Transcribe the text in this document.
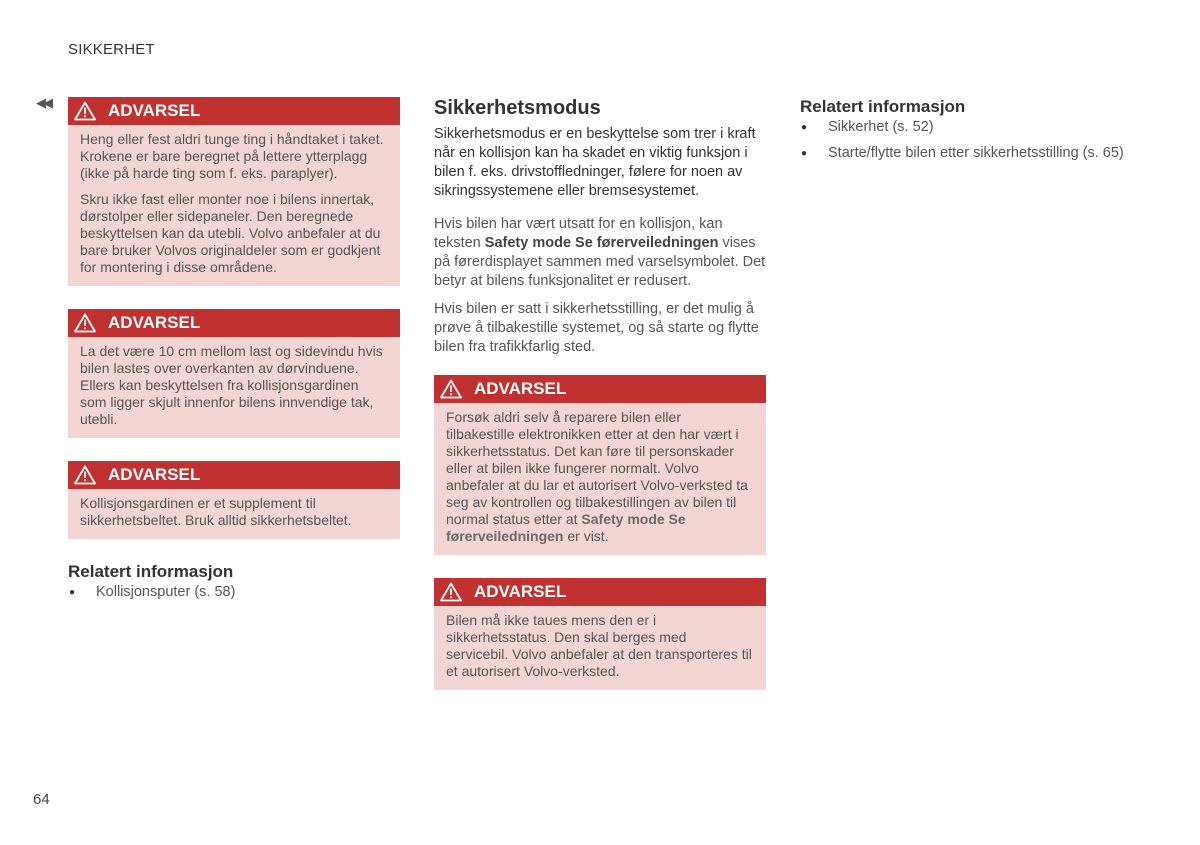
SIKKERHET
◀◀	ADVARSEL

Heng eller fest aldri tunge ting i håndtaket i taket. Krokene er bare beregnet på lettere ytterplagg (ikke på harde ting som f. eks. paraplyer).

Skru ikke fast eller monter noe i bilens innertak, dørstolper eller sidepaneler. Den beregnede beskyttelsen kan da utebli. Volvo anbefaler at du bare bruker Volvos originaldeler som er godkjent for montering i disse områdene.

ADVARSEL

La det være 10 cm mellom last og sidevindu hvis bilen lastes over overkanten av dørvinduene. Ellers kan beskyttelsen fra kollisjonsgardinen som ligger skjult innenfor bilens innvendige tak, utebli.

ADVARSEL

Kollisjonsgardinen er et supplement til sikkerhetsbeltet. Bruk alltid sikkerhetsbeltet.

Relatert informasjon
● Kollisjonsputer (s. 58)
Sikkerhetsmodus

Sikkerhetsmodus er en beskyttelse som trer i kraft når en kollisjon kan ha skadet en viktig funksjon i bilen f. eks. drivstoffledninger, følere for noen av sikringssystemene eller bremsesystemet.

Hvis bilen har vært utsatt for en kollisjon, kan teksten Safety mode Se førerveiledningen vises på førerdisplayet sammen med varselsymbolet. Det betyr at bilens funksjonalitet er redusert.

Hvis bilen er satt i sikkerhetsstilling, er det mulig å prøve å tilbakestille systemet, og så starte og flytte bilen fra trafikkfarlig sted.

ADVARSEL

Forsøk aldri selv å reparere bilen eller tilbakestille elektronikken etter at den har vært i sikkerhetsstatus. Det kan føre til personskader eller at bilen ikke fungerer normalt. Volvo anbefaler at du lar et autorisert Volvo-verksted ta seg av kontrollen og tilbakestillingen av bilen til normal status etter at Safety mode Se førerveiledningen er vist.

ADVARSEL

Bilen må ikke taues mens den er i sikkerhetsstatus. Den skal berges med servicebil. Volvo anbefaler at den transporteres til et autorisert Volvo-verksted.

Relatert informasjon
● Sikkerhet (s. 52)
● Starte/flytte bilen etter sikkerhetsstilling (s. 65)
64
